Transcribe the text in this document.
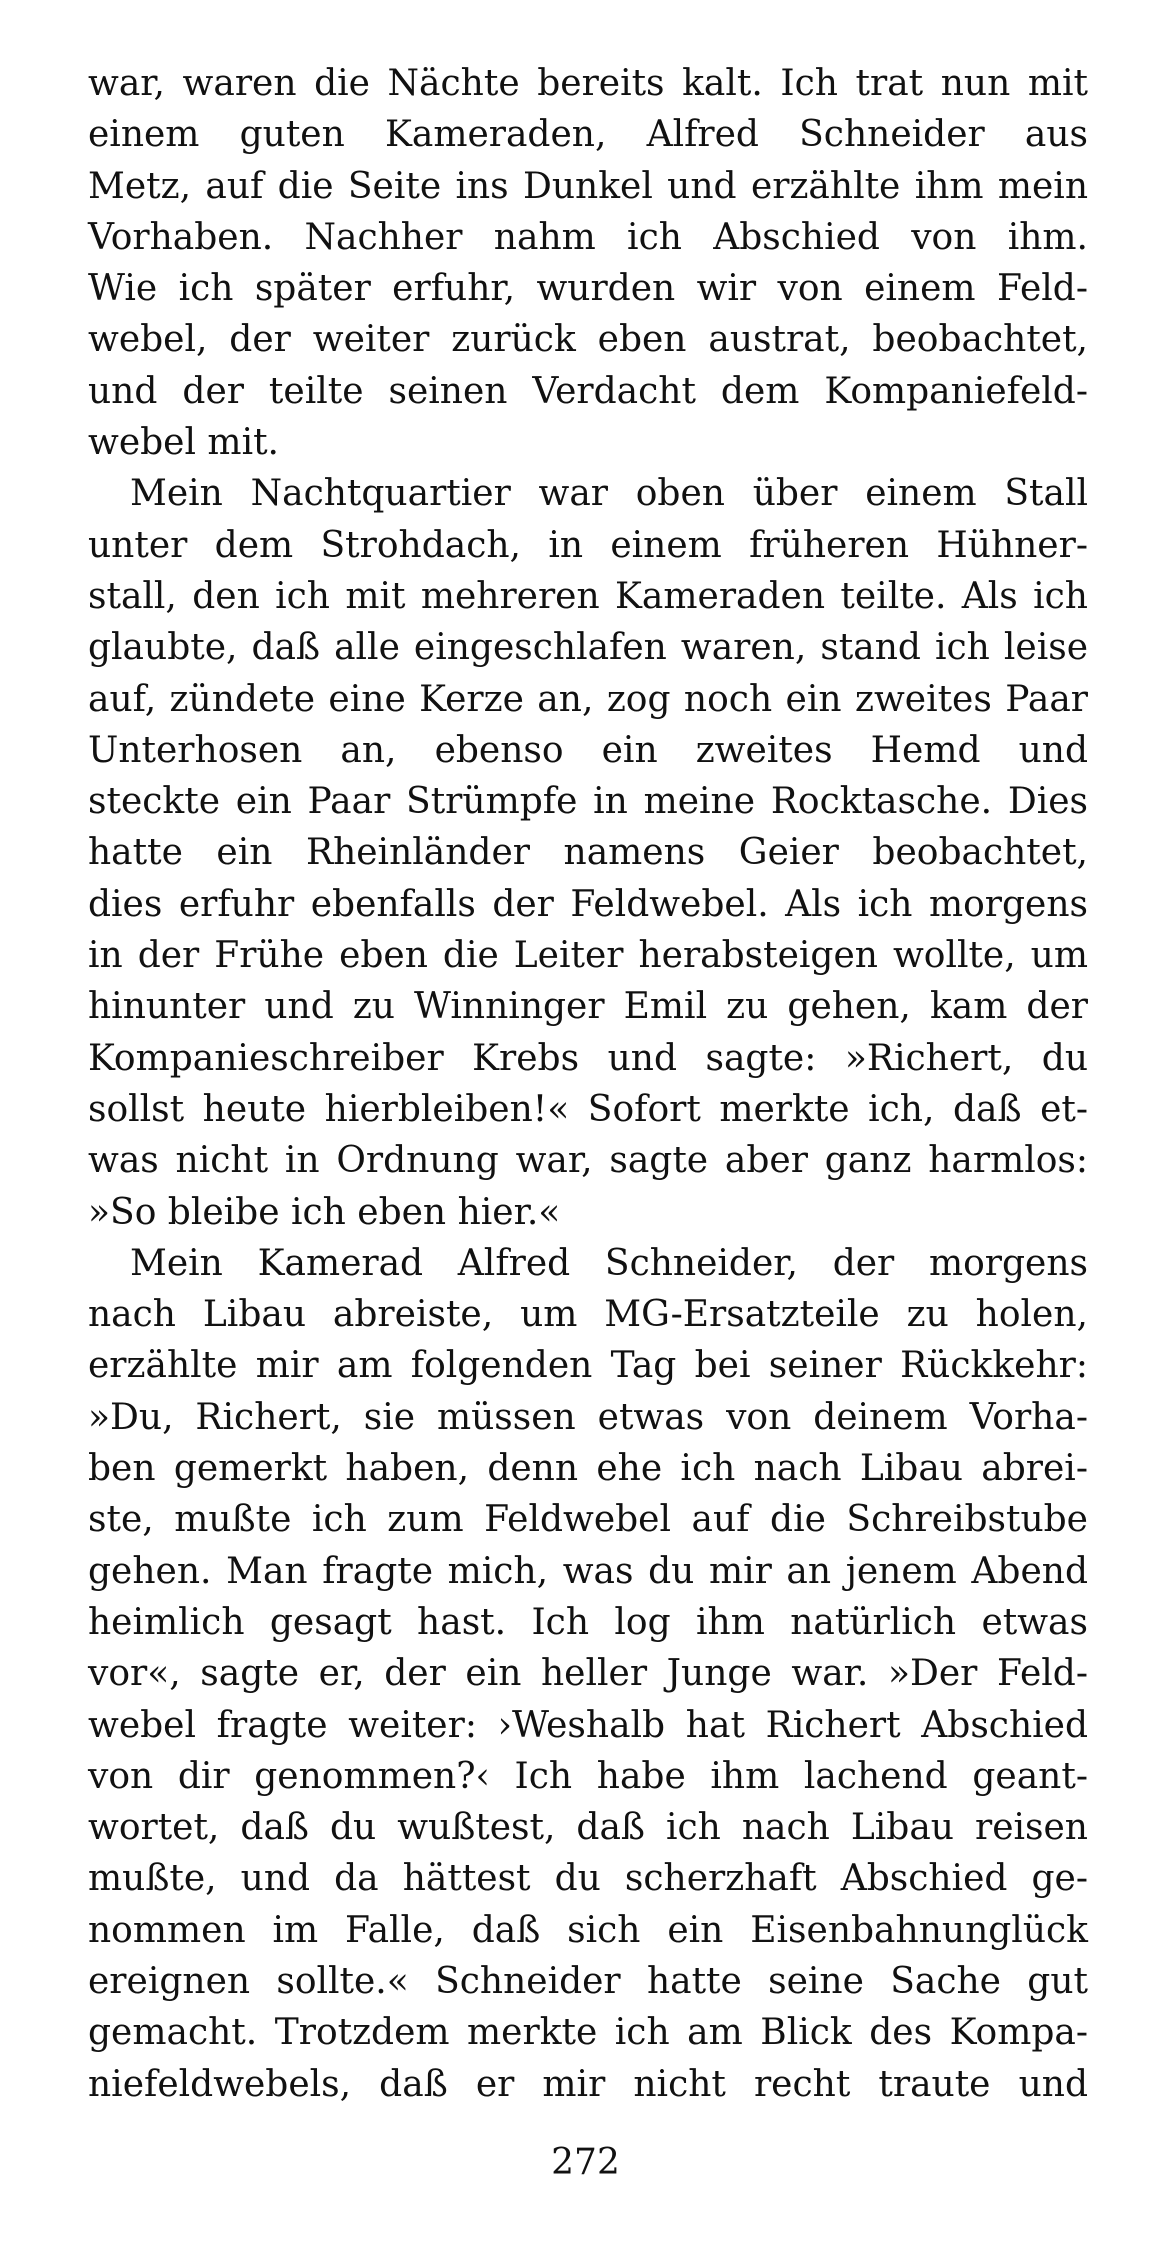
war, waren die Nächte bereits kalt. Ich trat nun mit
einem guten Kameraden, Alfred Schneider aus
Metz, auf die Seite ins Dunkel und erzählte ihm mein
Vorhaben. Nachher nahm ich Abschied von ihm.
Wie ich später erfuhr, wurden wir von einem Feld-
webel, der weiter zurück eben austrat, beobachtet,
und der teilte seinen Verdacht dem Kompaniefeld-
webel mit.
Mein Nachtquartier war oben über einem Stall
unter dem Strohdach, in einem früheren Hühner-
stall, den ich mit mehreren Kameraden teilte. Als ich
glaubte, daß alle eingeschlafen waren, stand ich leise
auf, zündete eine Kerze an, zog noch ein zweites Paar
Unterhosen an, ebenso ein zweites Hemd und
steckte ein Paar Strümpfe in meine Rocktasche. Dies
hatte ein Rheinländer namens Geier beobachtet,
dies erfuhr ebenfalls der Feldwebel. Als ich morgens
in der Frühe eben die Leiter herabsteigen wollte, um
hinunter und zu Winninger Emil zu gehen, kam der
Kompanieschreiber Krebs und sagte: »Richert, du
sollst heute hierbleiben!« Sofort merkte ich, daß et-
was nicht in Ordnung war, sagte aber ganz harmlos:
»So bleibe ich eben hier.«
Mein Kamerad Alfred Schneider, der morgens
nach Libau abreiste, um MG-Ersatzteile zu holen,
erzählte mir am folgenden Tag bei seiner Rückkehr:
»Du, Richert, sie müssen etwas von deinem Vorha-
ben gemerkt haben, denn ehe ich nach Libau abrei-
ste, mußte ich zum Feldwebel auf die Schreibstube
gehen. Man fragte mich, was du mir an jenem Abend
heimlich gesagt hast. Ich log ihm natürlich etwas
vor«, sagte er, der ein heller Junge war. »Der Feld-
webel fragte weiter: ›Weshalb hat Richert Abschied
von dir genommen?‹ Ich habe ihm lachend geant-
wortet, daß du wußtest, daß ich nach Libau reisen
mußte, und da hättest du scherzhaft Abschied ge-
nommen im Falle, daß sich ein Eisenbahnunglück
ereignen sollte.« Schneider hatte seine Sache gut
gemacht. Trotzdem merkte ich am Blick des Kompa-
niefeldwebels, daß er mir nicht recht traute und
272
